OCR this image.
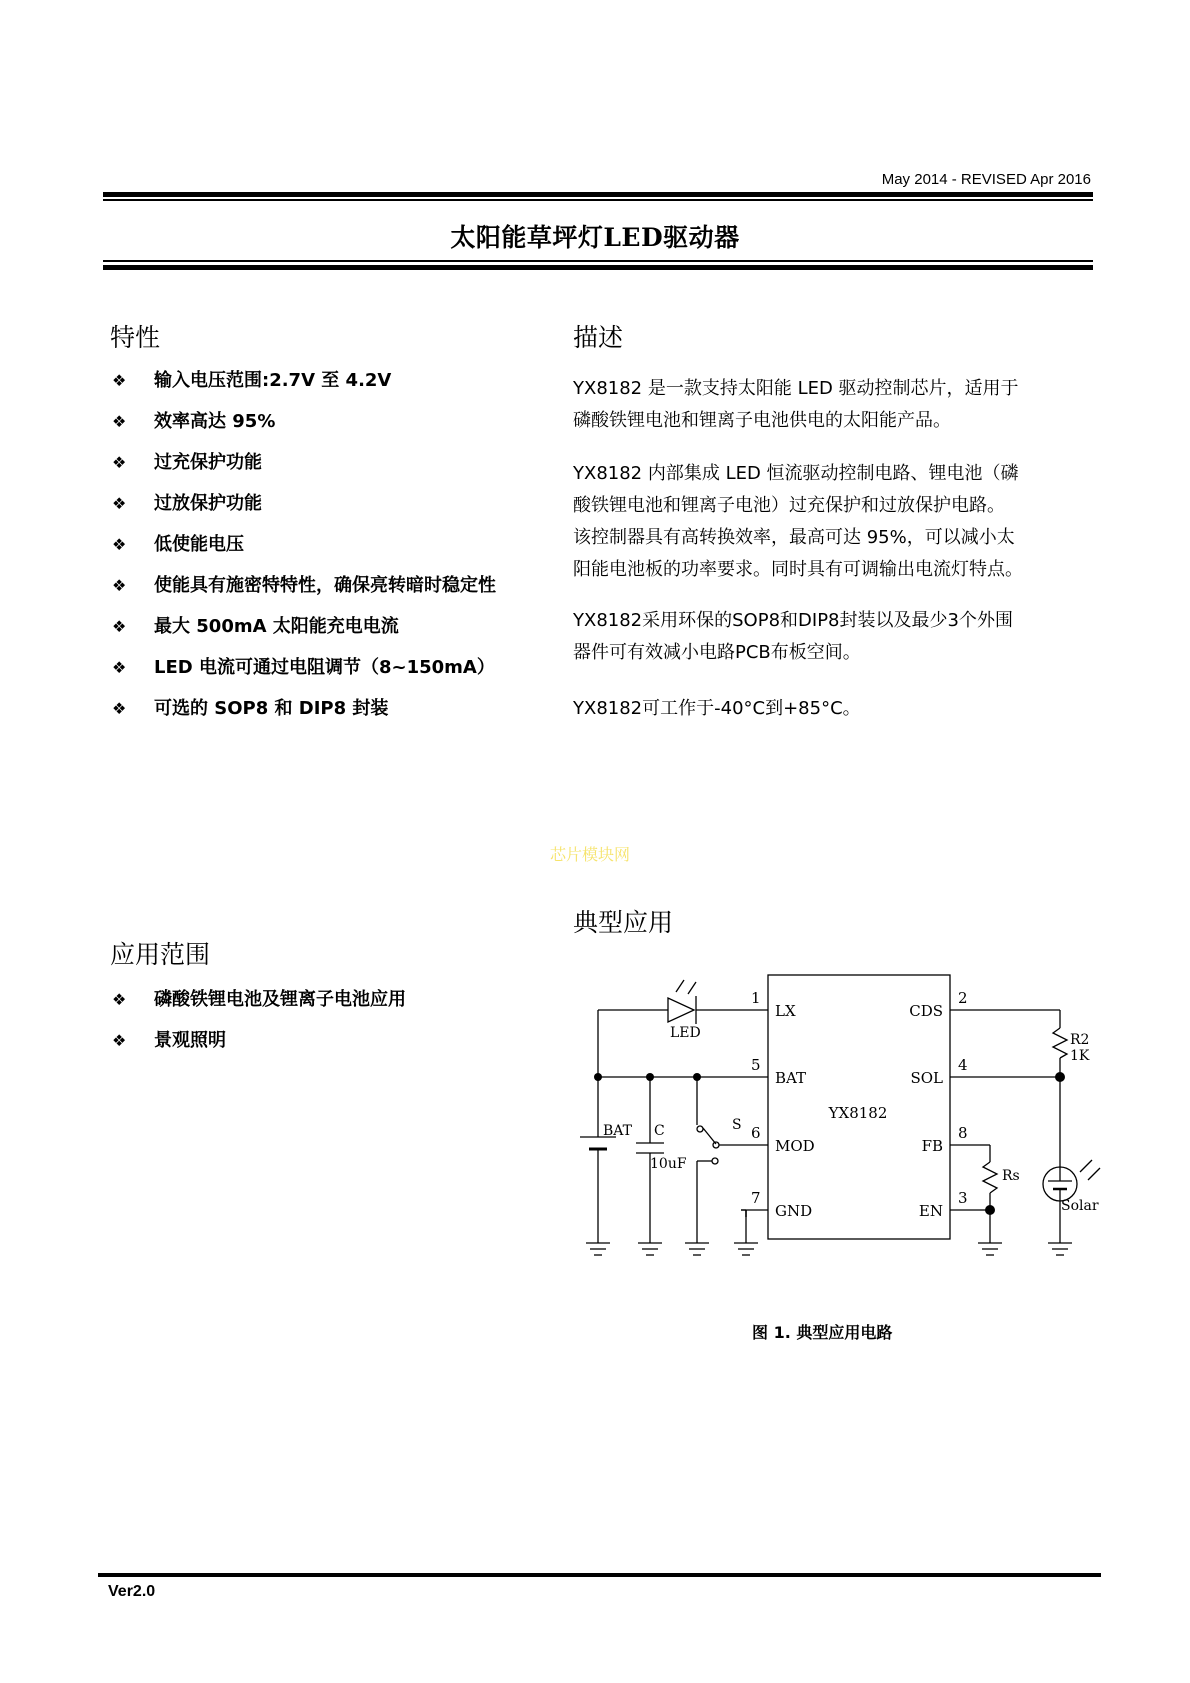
May 2014 - REVISED Apr 2016
太阳能草坪灯LED驱动器
特性
❖ 输入电压范围:2.7V 至 4.2V
❖ 效率高达 95%
❖ 过充保护功能
❖ 过放保护功能
❖ 低使能电压
❖ 使能具有施密特特性，确保亮转暗时稳定性
❖ 最大 500mA 太阳能充电电流
❖ LED 电流可通过电阻调节（8~150mA）
❖ 可选的 SOP8 和 DIP8 封装
描述

YX8182 是一款支持太阳能 LED 驱动控制芯片，适用于
磷酸铁锂电池和锂离子电池供电的太阳能产品。

YX8182 内部集成 LED 恒流驱动控制电路、锂电池（磷
酸铁锂电池和锂离子电池）过充保护和过放保护电路。
该控制器具有高转换效率，最高可达 95%，可以减小太
阳能电池板的功率要求。同时具有可调输出电流灯特点。

YX8182采用环保的SOP8和DIP8封装以及最少3个外围
器件可有效减小电路PCB布板空间。

YX8182可工作于-40°C到+85°C。

芯片模块网
应用范围
❖ 磷酸铁锂电池及锂离子电池应用
❖ 景观照明
典型应用
YX8182
LX
BAT
MOD
GND
CDS
SOL
FB
EN
1
5
6
7
2
4
8
3
LED
BAT C
10uF
S
R2
1K
Rs
Solar
图 1. 典型应用电路
Ver2.0
